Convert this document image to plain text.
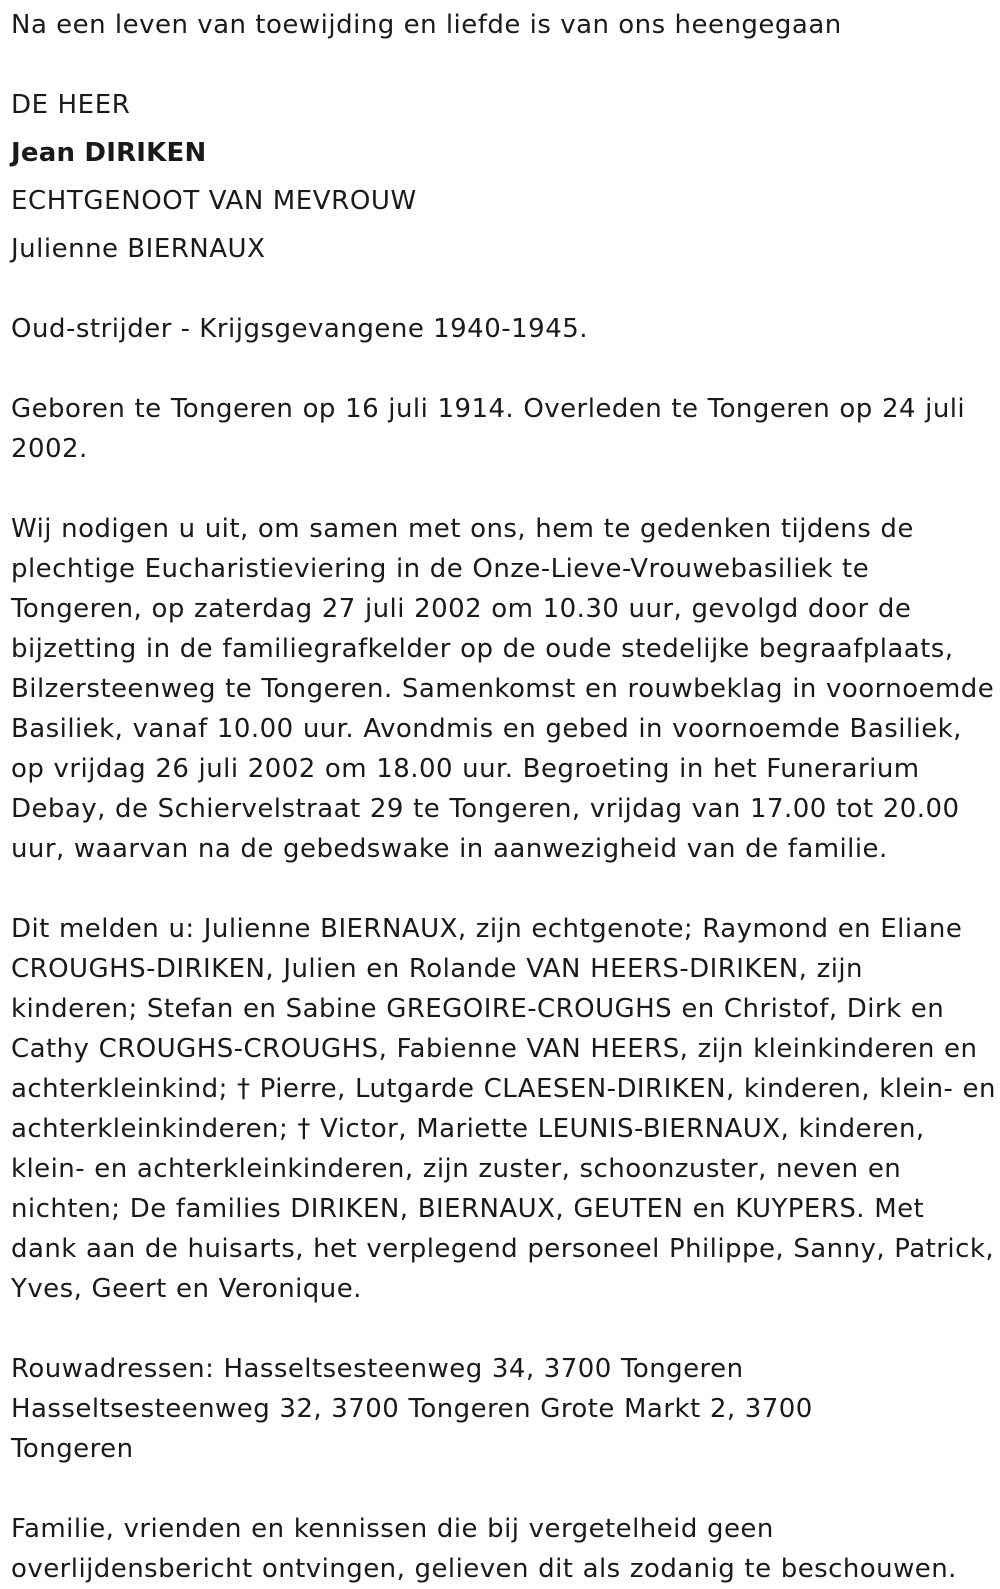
Na een leven van toewijding en liefde is van ons heengegaan

DE HEER

Jean DIRIKEN

ECHTGENOOT VAN MEVROUW

Julienne BIERNAUX

Oud-strijder - Krijgsgevangene 1940-1945.

Geboren te Tongeren op 16 juli 1914. Overleden te Tongeren op 24 juli 2002.

Wij nodigen u uit, om samen met ons, hem te gedenken tijdens de plechtige Eucharistieviering in de Onze-Lieve-Vrouwebasiliek te Tongeren, op zaterdag 27 juli 2002 om 10.30 uur, gevolgd door de bijzetting in de familiegrafkelder op de oude stedelijke begraafplaats, Bilzersteenweg te Tongeren. Samenkomst en rouwbeklag in voornoemde Basiliek, vanaf 10.00 uur. Avondmis en gebed in voornoemde Basiliek, op vrijdag 26 juli 2002 om 18.00 uur. Begroeting in het Funerarium Debay, de Schiervelstraat 29 te Tongeren, vrijdag van 17.00 tot 20.00 uur, waarvan na de gebedswake in aanwezigheid van de familie.

Dit melden u: Julienne BIERNAUX, zijn echtgenote; Raymond en Eliane CROUGHS-DIRIKEN, Julien en Rolande VAN HEERS-DIRIKEN, zijn kinderen; Stefan en Sabine GREGOIRE-CROUGHS en Christof, Dirk en Cathy CROUGHS-CROUGHS, Fabienne VAN HEERS, zijn kleinkinderen en achterkleinkind; † Pierre, Lutgarde CLAESEN-DIRIKEN, kinderen, klein- en achterkleinkinderen; † Victor, Mariette LEUNIS-BIERNAUX, kinderen, klein- en achterkleinkinderen, zijn zuster, schoonzuster, neven en nichten; De families DIRIKEN, BIERNAUX, GEUTEN en KUYPERS. Met dank aan de huisarts, het verplegend personeel Philippe, Sanny, Patrick, Yves, Geert en Veronique.

Rouwadressen: Hasseltsesteenweg 34, 3700 Tongeren Hasseltsesteenweg 32, 3700 Tongeren Grote Markt 2, 3700 Tongeren

Familie, vrienden en kennissen die bij vergetelheid geen overlijdensbericht ontvingen, gelieven dit als zodanig te beschouwen.
